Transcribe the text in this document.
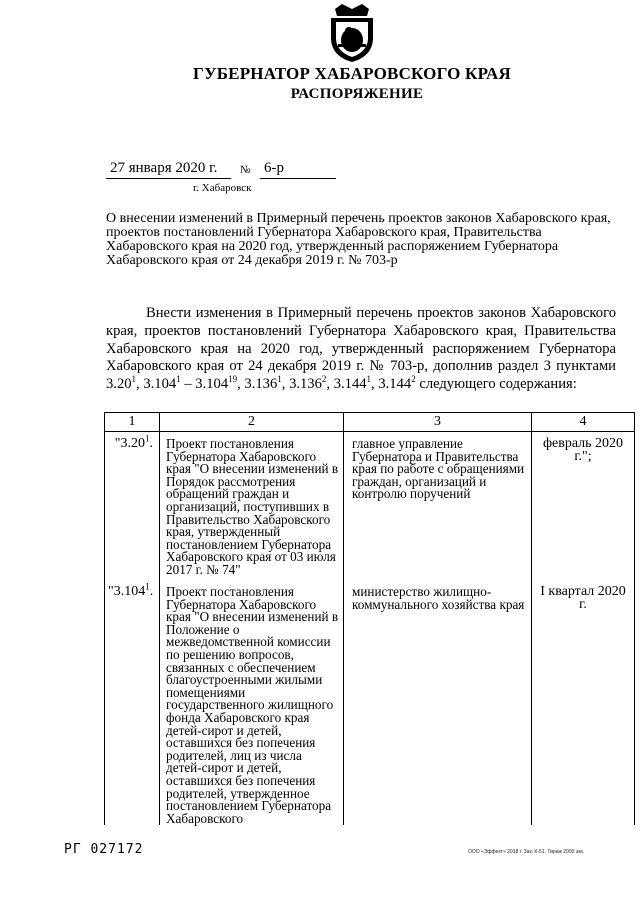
ГУБЕРНАТОР ХАБАРОВСКОГО КРАЯ
РАСПОРЯЖЕНИЕ
27 января 2020 г. № 6-р
г. Хабаровск
О внесении изменений в Примерный перечень проектов законов Хабаровского края, проектов постановлений Губернатора Хабаровского края, Правительства Хабаровского края на 2020 год, утвержденный распоряжением Губернатора Хабаровского края от 24 декабря 2019 г. № 703-р
Внести изменения в Примерный перечень проектов законов Хабаровского края, проектов постановлений Губернатора Хабаровского края, Правительства Хабаровского края на 2020 год, утвержденный распоряжением Губернатора Хабаровского края от 24 декабря 2019 г. № 703-р, дополнив раздел 3 пунктами 3.20$^1$, 3.104$^1$ – 3.104$^{19}$, 3.136$^1$, 3.136$^2$, 3.144$^1$, 3.144$^2$ следующего содержания:
1	2	3	4
"3.20$^1$.	Проект постановления Губернатора Хабаровского края "О внесении изменений в Порядок рассмотрения обращений граждан и организаций, поступивших в Правительство Хабаровского края, утвержденный постановлением Губернатора Хабаровского края от 03 июля 2017 г. № 74"	главное управление Губернатора и Правительства края по работе с обращениями граждан, организаций и контролю поручений	февраль 2020 г.";
"3.104$^1$.	Проект постановления Губернатора Хабаровского края "О внесении изменений в Положение о межведомственной комиссии по решению вопросов, связанных с обеспечением благоустроенными жилыми помещениями государственного жилищного фонда Хабаровского края детей-сирот и детей, оставшихся без попечения родителей, лиц из числа детей-сирот и детей, оставшихся без попечения родителей, утвержденное постановлением Губернатора Хабаровского	министерство жилищно-коммунального хозяйства края	I квартал 2020 г.
РГ 027172	ООО «Эффект» 2018 г. Зак. К-51. Тираж 2000 экз.
